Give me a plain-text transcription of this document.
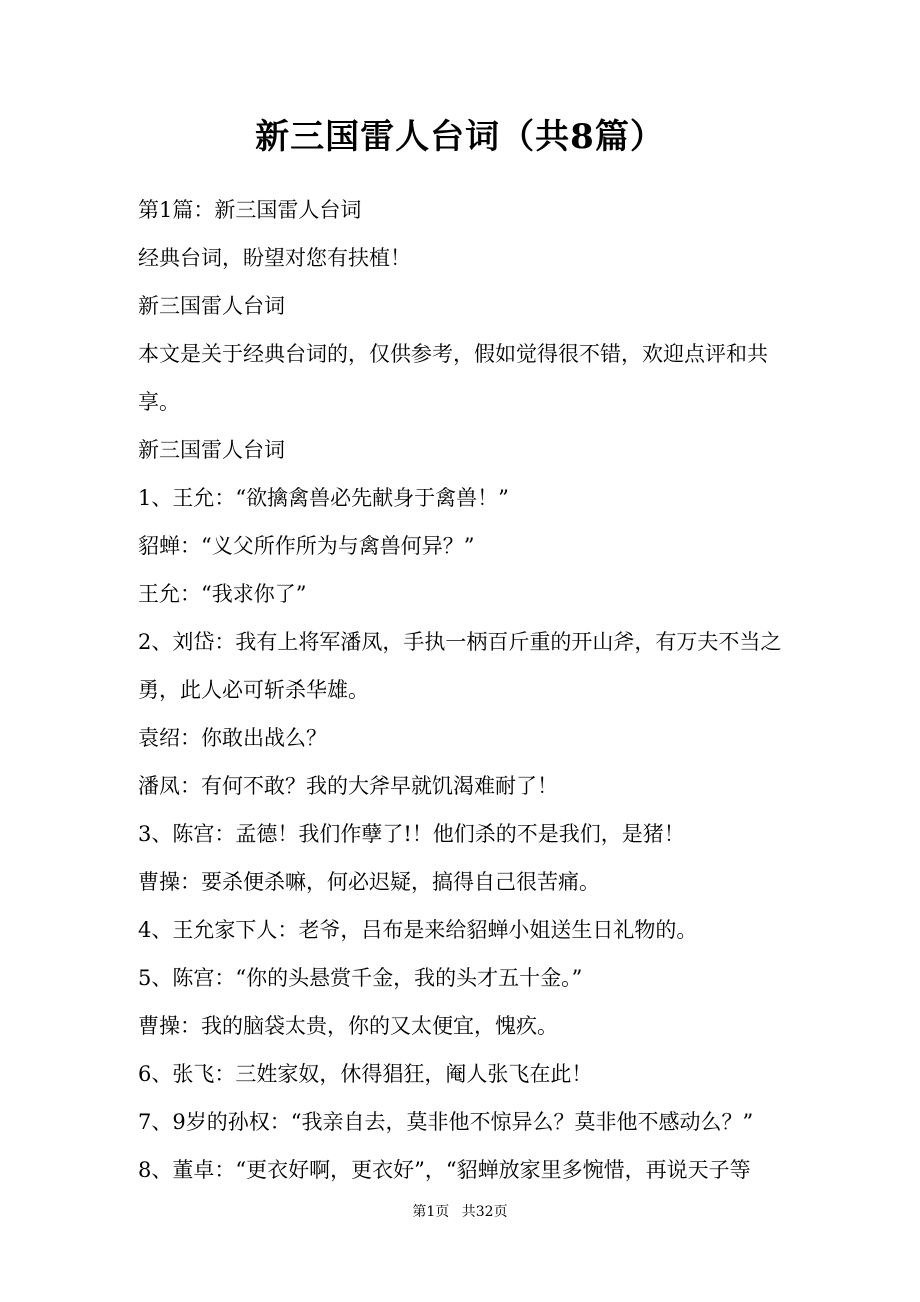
新三国雷人台词（共8篇）

第1篇：新三国雷人台词

经典台词，盼望对您有扶植！

新三国雷人台词

本文是关于经典台词的，仅供参考，假如觉得很不错，欢迎点评和共享。

新三国雷人台词

1、王允：“欲擒禽兽必先献身于禽兽！”

貂蝉：“义父所作所为与禽兽何异？”

王允：“我求你了”

2、刘岱：我有上将军潘凤，手执一柄百斤重的开山斧，有万夫不当之勇，此人必可斩杀华雄。

袁绍：你敢出战么？

潘凤：有何不敢？我的大斧早就饥渴难耐了！

3、陈宫：孟德！我们作孽了!！他们杀的不是我们，是猪！

曹操：要杀便杀嘛，何必迟疑，搞得自己很苦痛。

4、王允家下人：老爷，吕布是来给貂蝉小姐送生日礼物的。

5、陈宫：“你的头悬赏千金，我的头才五十金。”

曹操：我的脑袋太贵，你的又太便宜，愧疚。

6、张飞：三姓家奴，休得猖狂，阉人张飞在此！

7、9岁的孙权：“我亲自去，莫非他不惊异么？莫非他不感动么？”

8、董卓：“更衣好啊，更衣好”，“貂蝉放家里多惋惜，再说天子等

第1页 共32页
